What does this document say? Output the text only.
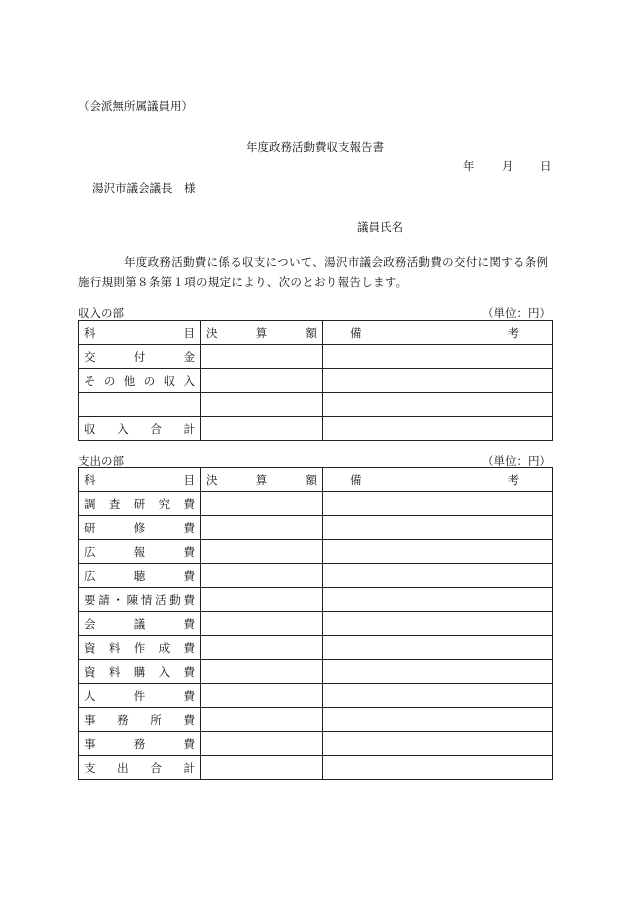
（会派無所属議員用）
年度政務活動費収支報告書
年 月 日
湯沢市議会議長　様
議員氏名
年度政務活動費に係る収支について、湯沢市議会政務活動費の交付に関する条例施行規則第８条第１項の規定により、次のとおり報告します。
収入の部	（単位：円）
科目	決算額	備考

交付金		

その他の収入		

収入合計		

支出の部	（単位：円）
科目	決算額	備考

調査研究費		

研修費		

広報費		

広聴費		

要請・陳情活動費		

会議費		

資料作成費		

資料購入費		

人件費		

事務所費		

事務費		

支出合計		
